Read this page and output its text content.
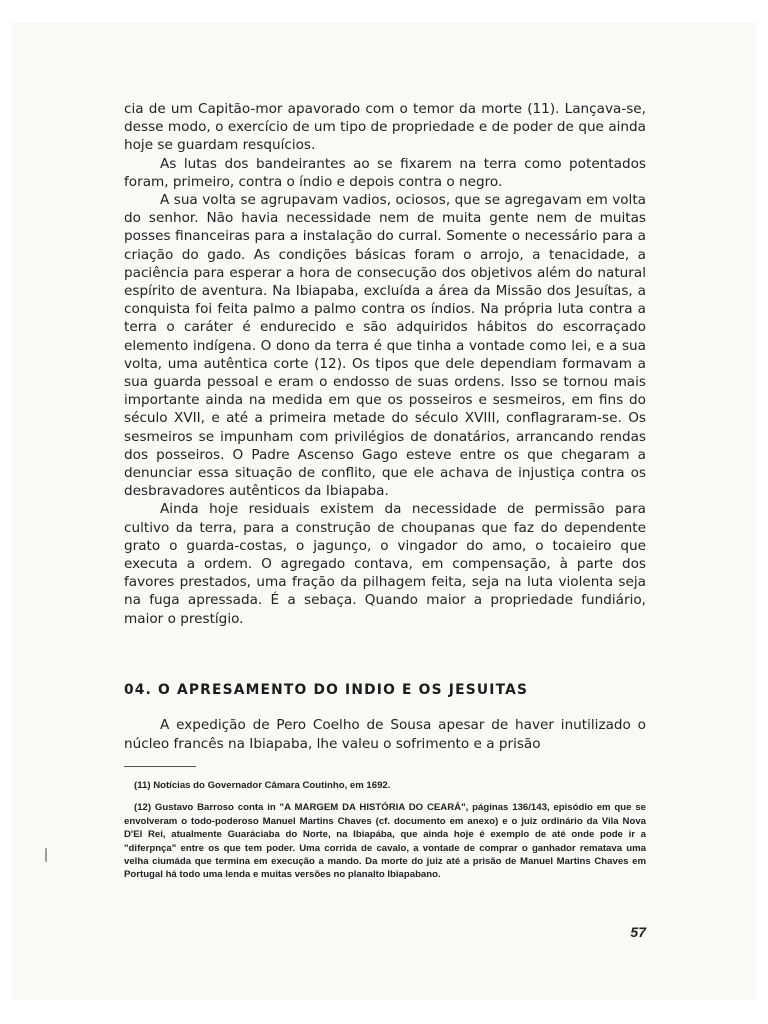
cia de um Capitão-mor apavorado com o temor da morte (11). Lançava-se, desse modo, o exercício de um tipo de propriedade e de poder de que ainda hoje se guardam resquícios.

As lutas dos bandeirantes ao se fixarem na terra como potentados foram, primeiro, contra o índio e depois contra o negro.

A sua volta se agrupavam vadios, ociosos, que se agregavam em volta do senhor. Não havia necessidade nem de muita gente nem de muitas posses financeiras para a instalação do curral. Somente o necessário para a criação do gado. As condições básicas foram o arrojo, a tenacidade, a paciência para esperar a hora de consecução dos objetivos além do natural espírito de aventura. Na Ibiapaba, excluída a área da Missão dos Jesuítas, a conquista foi feita palmo a palmo contra os índios. Na própria luta contra a terra o caráter é endurecido e são adquiridos hábitos do escorraçado elemento indígena. O dono da terra é que tinha a vontade como lei, e a sua volta, uma autêntica corte (12). Os tipos que dele dependiam formavam a sua guarda pessoal e eram o endosso de suas ordens. Isso se tornou mais importante ainda na medida em que os posseiros e sesmeiros, em fins do século XVII, e até a primeira metade do século XVIII, conflagraram-se. Os sesmeiros se impunham com privilégios de donatários, arrancando rendas dos posseiros. O Padre Ascenso Gago esteve entre os que chegaram a denunciar essa situação de conflito, que ele achava de injustiça contra os desbravadores autênticos da Ibiapaba.

Ainda hoje residuais existem da necessidade de permissão para cultivo da terra, para a construção de choupanas que faz do dependente grato o guarda-costas, o jagunço, o vingador do amo, o tocaieiro que executa a ordem. O agregado contava, em compensação, à parte dos favores prestados, uma fração da pilhagem feita, seja na luta violenta seja na fuga apressada. É a sebaça. Quando maior a propriedade fundiário, maior o prestígio.

04. O APRESAMENTO DO INDIO E OS JESUITAS

A expedição de Pero Coelho de Sousa apesar de haver inutilizado o núcleo francês na Ibiapaba, lhe valeu o sofrimento e a prisão

(11) Notícias do Governador Câmara Coutinho, em 1692.

(12) Gustavo Barroso conta in "A MARGEM DA HISTÓRIA DO CEARÁ", páginas 136/143, episódio em que se envolveram o todo-poderoso Manuel Martins Chaves (cf. documento em anexo) e o juiz ordinário da Vila Nova D'El Rei, atualmente Guaráciaba do Norte, na Ibiapába, que ainda hoje é exemplo de até onde pode ir a "diferpnça" entre os que tem poder. Uma corrida de cavalo, a vontade de comprar o ganhador rematava uma velha ciumáda que termina em execução a mando. Da morte do juiz até a prisão de Manuel Martins Chaves em Portugal há todo uma lenda e muitas versões no planalto Ibiapabano.

57
